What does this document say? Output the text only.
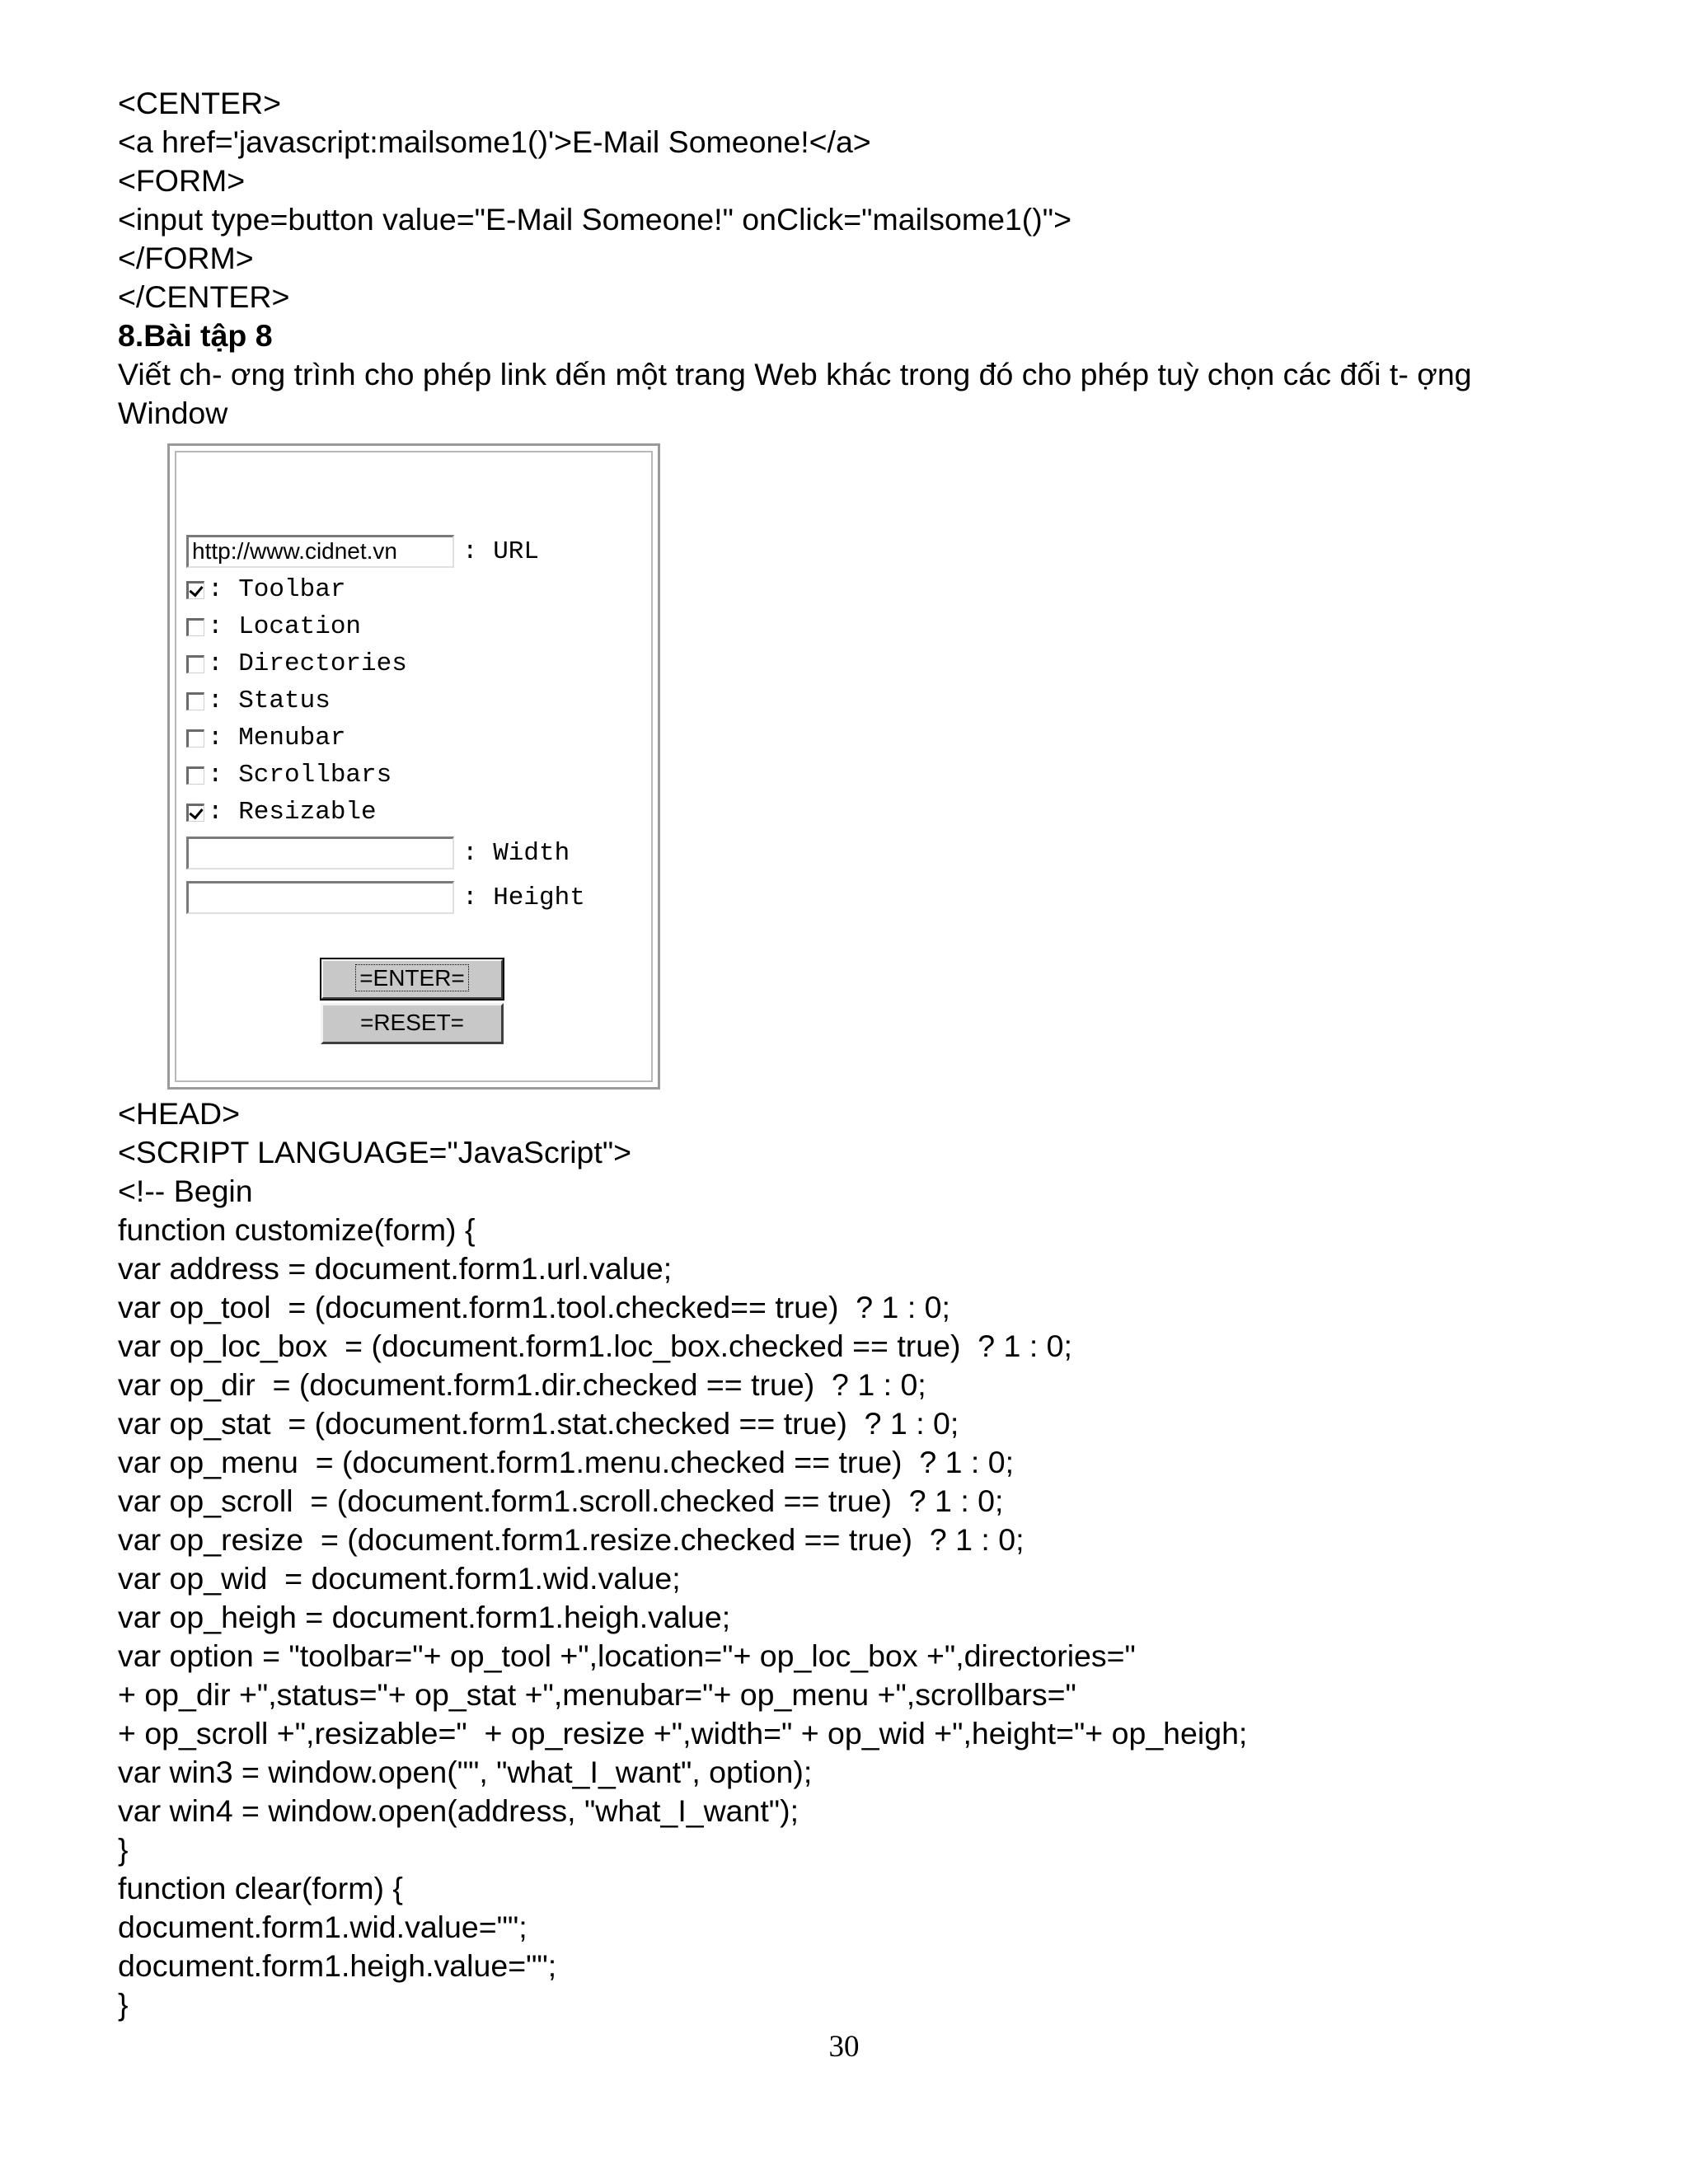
<CENTER>

<a href='javascript:mailsome1()'>E-Mail Someone!</a>

<FORM>

<input type=button value="E-Mail Someone!" onClick="mailsome1()">

</FORM>

</CENTER>

8.Bài tập 8

Viết ch- ơng trình cho phép link dến một trang Web khác trong đó cho phép tuỳ chọn các đối t- ợng

Window

http://www.cidnet.vn	: URL
: Toolbar
: Location
: Directories
: Status
: Menubar
: Scrollbars
: Resizable
: Width
: Height
=ENTER=
=RESET=

<HEAD>

<SCRIPT LANGUAGE="JavaScript">

<!-- Begin

function customize(form) {

var address = document.form1.url.value;

var op_tool  = (document.form1.tool.checked== true)  ? 1 : 0;

var op_loc_box  = (document.form1.loc_box.checked == true)  ? 1 : 0;

var op_dir  = (document.form1.dir.checked == true)  ? 1 : 0;

var op_stat  = (document.form1.stat.checked == true)  ? 1 : 0;

var op_menu  = (document.form1.menu.checked == true)  ? 1 : 0;

var op_scroll  = (document.form1.scroll.checked == true)  ? 1 : 0;

var op_resize  = (document.form1.resize.checked == true)  ? 1 : 0;

var op_wid  = document.form1.wid.value;

var op_heigh = document.form1.heigh.value;

var option = "toolbar="+ op_tool +",location="+ op_loc_box +",directories="

+ op_dir +",status="+ op_stat +",menubar="+ op_menu +",scrollbars="

+ op_scroll +",resizable="  + op_resize +",width=" + op_wid +",height="+ op_heigh;

var win3 = window.open("", "what_I_want", option);

var win4 = window.open(address, "what_I_want");

}

function clear(form) {

document.form1.wid.value="";

document.form1.heigh.value="";

}

30
